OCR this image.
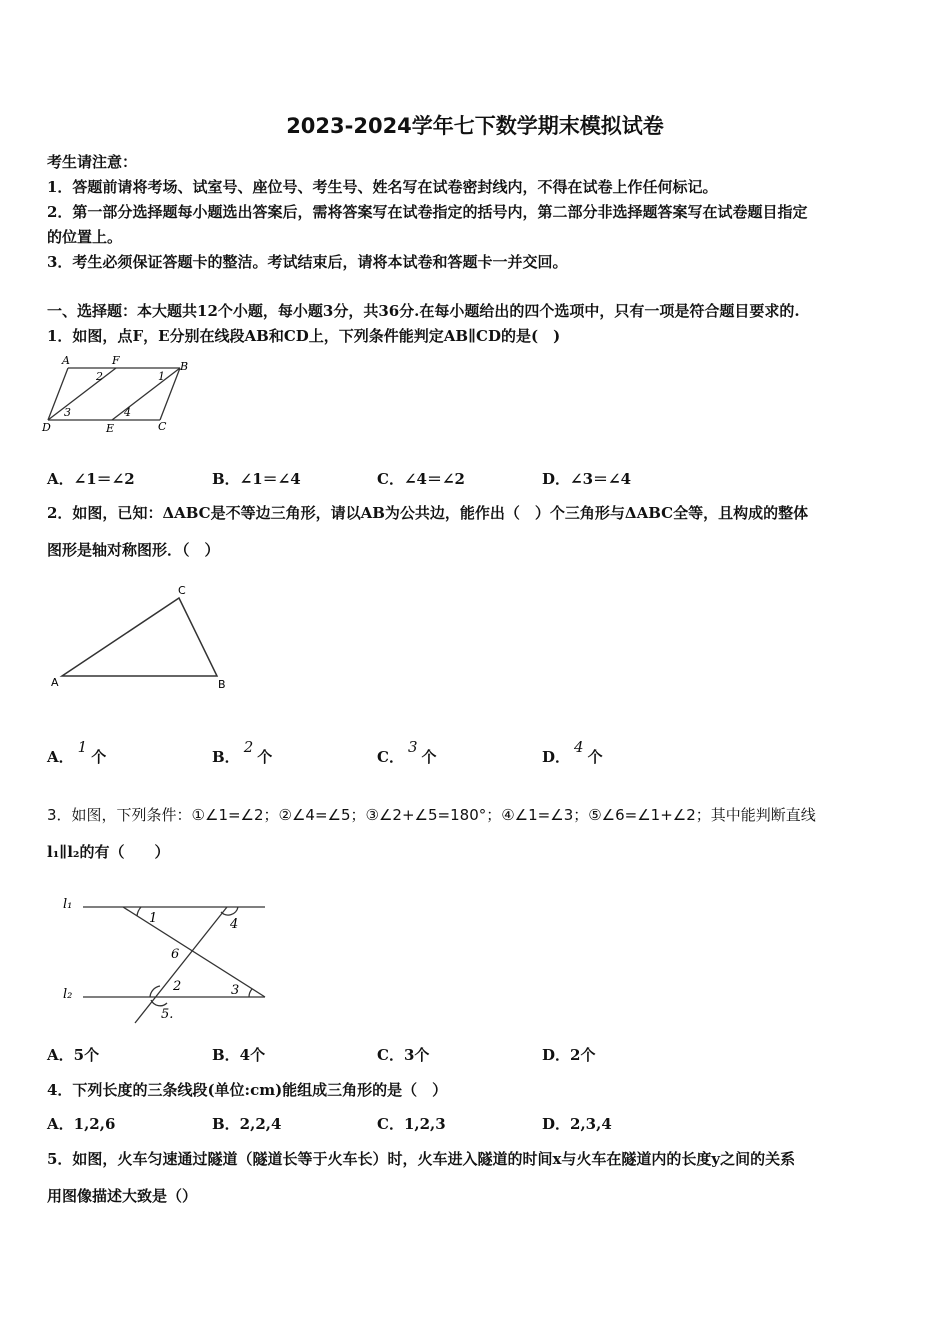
2023-2024学年七下数学期末模拟试卷
考生请注意：
1．答题前请将考场、试室号、座位号、考生号、姓名写在试卷密封线内，不得在试卷上作任何标记。
2．第一部分选择题每小题选出答案后，需将答案写在试卷指定的括号内，第二部分非选择题答案写在试卷题目指定
的位置上。
3．考生必须保证答题卡的整洁。考试结束后，请将本试卷和答题卡一并交回。
一、选择题：本大题共12个小题，每小题3分，共36分.在每小题给出的四个选项中，只有一项是符合题目要求的.
1．如图，点F，E分别在线段AB和CD上，下列条件能判定AB∥CD的是(　)
A	F	B
D	E	C
1
2
3	4
A．∠1＝∠2	B．∠1＝∠4	C．∠4＝∠2	D．∠3＝∠4
2．如图，已知：ΔABC是不等边三角形，请以AB为公共边，能作出（　）个三角形与ΔABC全等，且构成的整体
图形是轴对称图形．（　）
C
A	B
A．1个	B．2个	C．3个	D．4个
3．如图，下列条件：①∠1=∠2；②∠4=∠5；③∠2+∠5=180°；④∠1=∠3；⑤∠6=∠1+∠2；其中能判断直线
l₁∥l₂的有（　　）
l₁
l₂
1	4
6
2	3
5.
A．5个	B．4个	C．3个	D．2个
4．下列长度的三条线段(单位:cm)能组成三角形的是（　）
A．1,2,6	B．2,2,4	C．1,2,3	D．2,3,4
5．如图，火车匀速通过隧道（隧道长等于火车长）时，火车进入隧道的时间x与火车在隧道内的长度y之间的关系
用图像描述大致是（）
